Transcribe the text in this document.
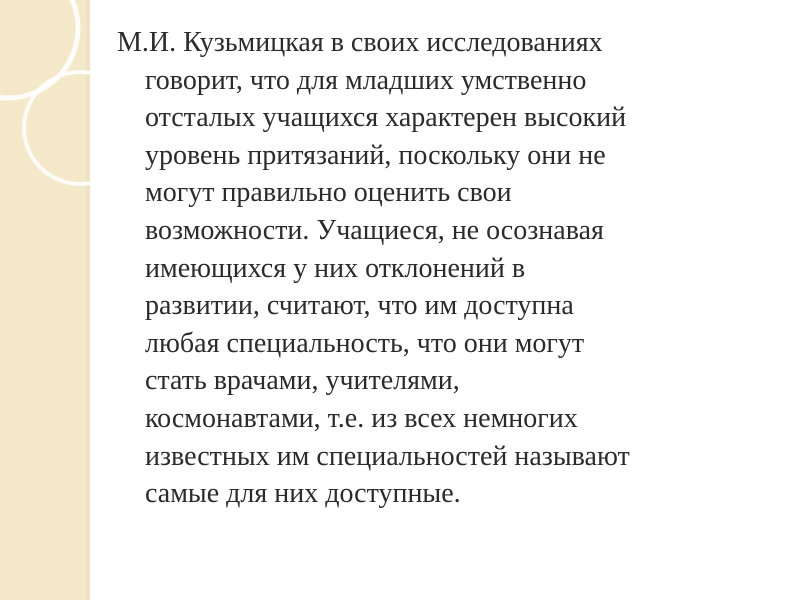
М.И. Кузьмицкая в своих исследованиях
говорит, что для младших умственно
отсталых учащихся характерен высокий
уровень притязаний, поскольку они не
могут правильно оценить свои
возможности. Учащиеся, не осознавая
имеющихся у них отклонений в
развитии, считают, что им доступна
любая специальность, что они могут
стать врачами, учителями,
космонавтами, т.е. из всех немногих
известных им специальностей называют
самые для них доступные.
